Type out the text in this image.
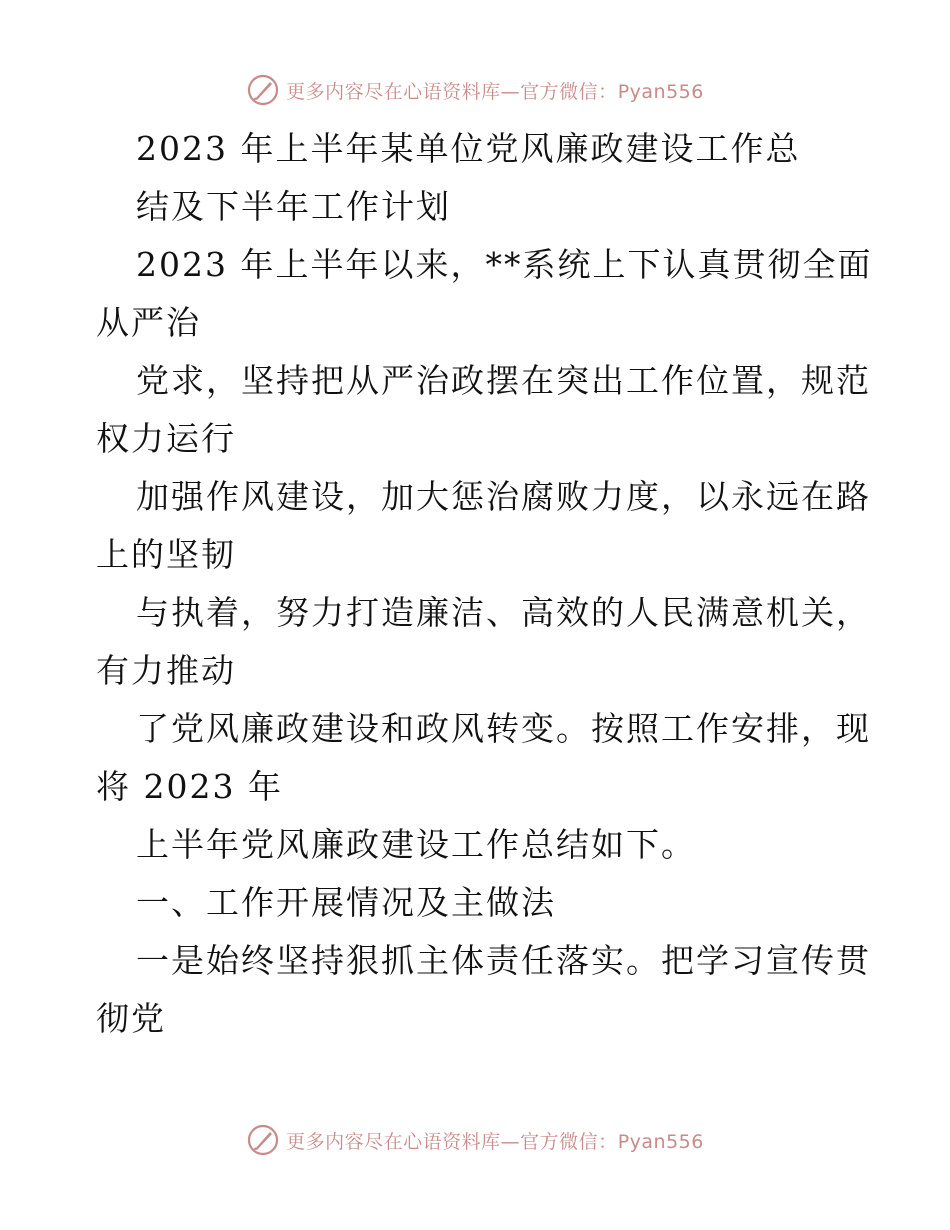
更多内容尽在心语资料库—官方微信：Pyan556
2023 年上半年某单位党风廉政建设工作总
结及下半年工作计划
2023 年上半年以来，**系统上下认真贯彻全面
从严治
党求，坚持把从严治政摆在突出工作位置，规范
权力运行
加强作风建设，加大惩治腐败力度，以永远在路
上的坚韧
与执着，努力打造廉洁、高效的人民满意机关，
有力推动
了党风廉政建设和政风转变。按照工作安排，现
将 2023 年
上半年党风廉政建设工作总结如下。
一、工作开展情况及主做法
一是始终坚持狠抓主体责任落实。把学习宣传贯
彻党
更多内容尽在心语资料库—官方微信：Pyan556
